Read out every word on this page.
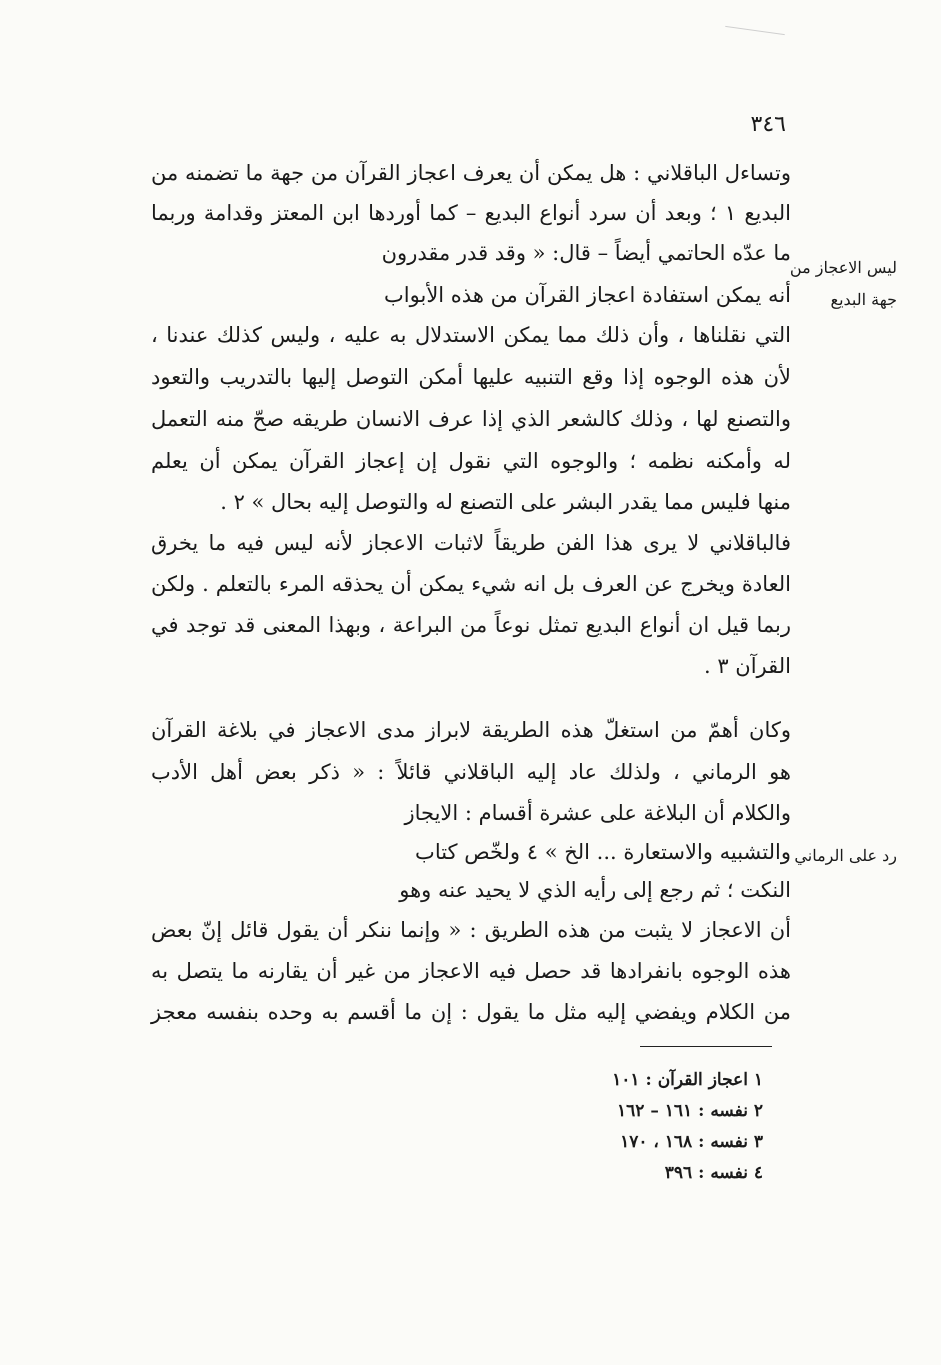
٣٤٦
وتساءل الباقلاني : هل يمكن أن يعرف اعجاز القرآن من جهة ما تضمنه من
البديع ١ ؛ وبعد أن سرد أنواع البديع – كما أوردها ابن المعتز وقدامة وربما
ما عدّه الحاتمي أيضاً – قال: « وقد قدر مقدرون
أنه يمكن استفادة اعجاز القرآن من هذه الأبواب
التي نقلناها ، وأن ذلك مما يمكن الاستدلال به عليه ، وليس كذلك عندنا ،
لأن هذه الوجوه إذا وقع التنبيه عليها أمكن التوصل إليها بالتدريب والتعود
والتصنع لها ، وذلك كالشعر الذي إذا عرف الانسان طريقه صحّ منه التعمل
له وأمكنه نظمه ؛ والوجوه التي نقول إن إعجاز القرآن يمكن أن يعلم
منها فليس مما يقدر البشر على التصنع له والتوصل إليه بحال » ٢ .
فالباقلاني لا يرى هذا الفن طريقاً لاثبات الاعجاز لأنه ليس فيه ما يخرق
العادة ويخرج عن العرف بل انه شيء يمكن أن يحذقه المرء بالتعلم . ولكن
ربما قيل ان أنواع البديع تمثل نوعاً من البراعة ، وبهذا المعنى قد توجد في
القرآن ٣ .
ليس الاعجاز من
جهة البديع
وكان أهمّ من استغلّ هذه الطريقة لابراز مدى الاعجاز في بلاغة القرآن
هو الرماني ، ولذلك عاد إليه الباقلاني قائلاً : « ذكر بعض أهل الأدب
والكلام أن البلاغة على عشرة أقسام : الايجاز
والتشبيه والاستعارة ... الخ » ٤ ولخّص كتاب
النكت ؛ ثم رجع إلى رأيه الذي لا يحيد عنه وهو
أن الاعجاز لا يثبت من هذه الطريق : « وإنما ننكر أن يقول قائل إنّ بعض
هذه الوجوه بانفرادها قد حصل فيه الاعجاز من غير أن يقارنه ما يتصل به
من الكلام ويفضي إليه مثل ما يقول : إن ما أقسم به وحده بنفسه معجز
رد على الرماني
١ اعجاز القرآن : ١٠١
٢ نفسه : ١٦١ – ١٦٢
٣ نفسه : ١٦٨ ، ١٧٠
٤ نفسه : ٣٩٦
